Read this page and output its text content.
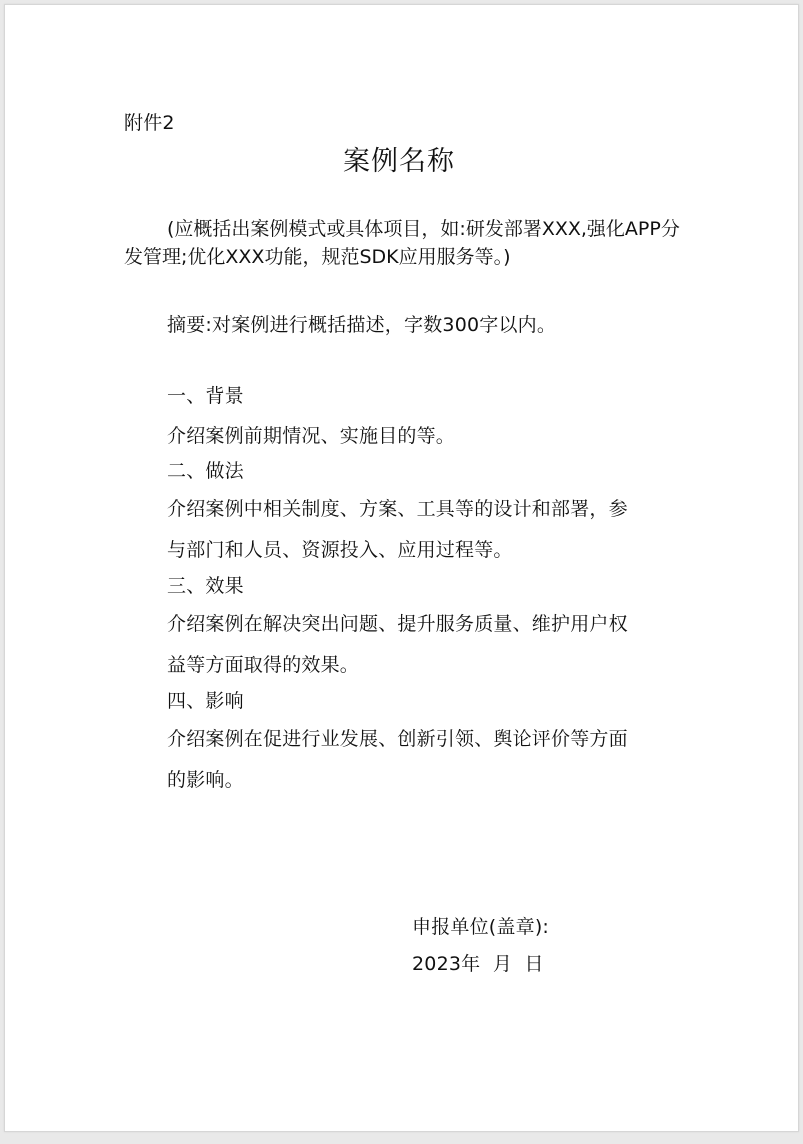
附件2
案例名称
(应概括出案例模式或具体项目，如:研发部署XXX,强化APP分发管理;优化XXX功能，规范SDK应用服务等。)
摘要:对案例进行概括描述，字数300字以内。
一、背景
介绍案例前期情况、实施目的等。
二、做法
介绍案例中相关制度、方案、工具等的设计和部署，参
与部门和人员、资源投入、应用过程等。
三、效果
介绍案例在解决突出问题、提升服务质量、维护用户权
益等方面取得的效果。
四、影响
介绍案例在促进行业发展、创新引领、舆论评价等方面
的影响。
申报单位(盖章):
2023年  月  日
